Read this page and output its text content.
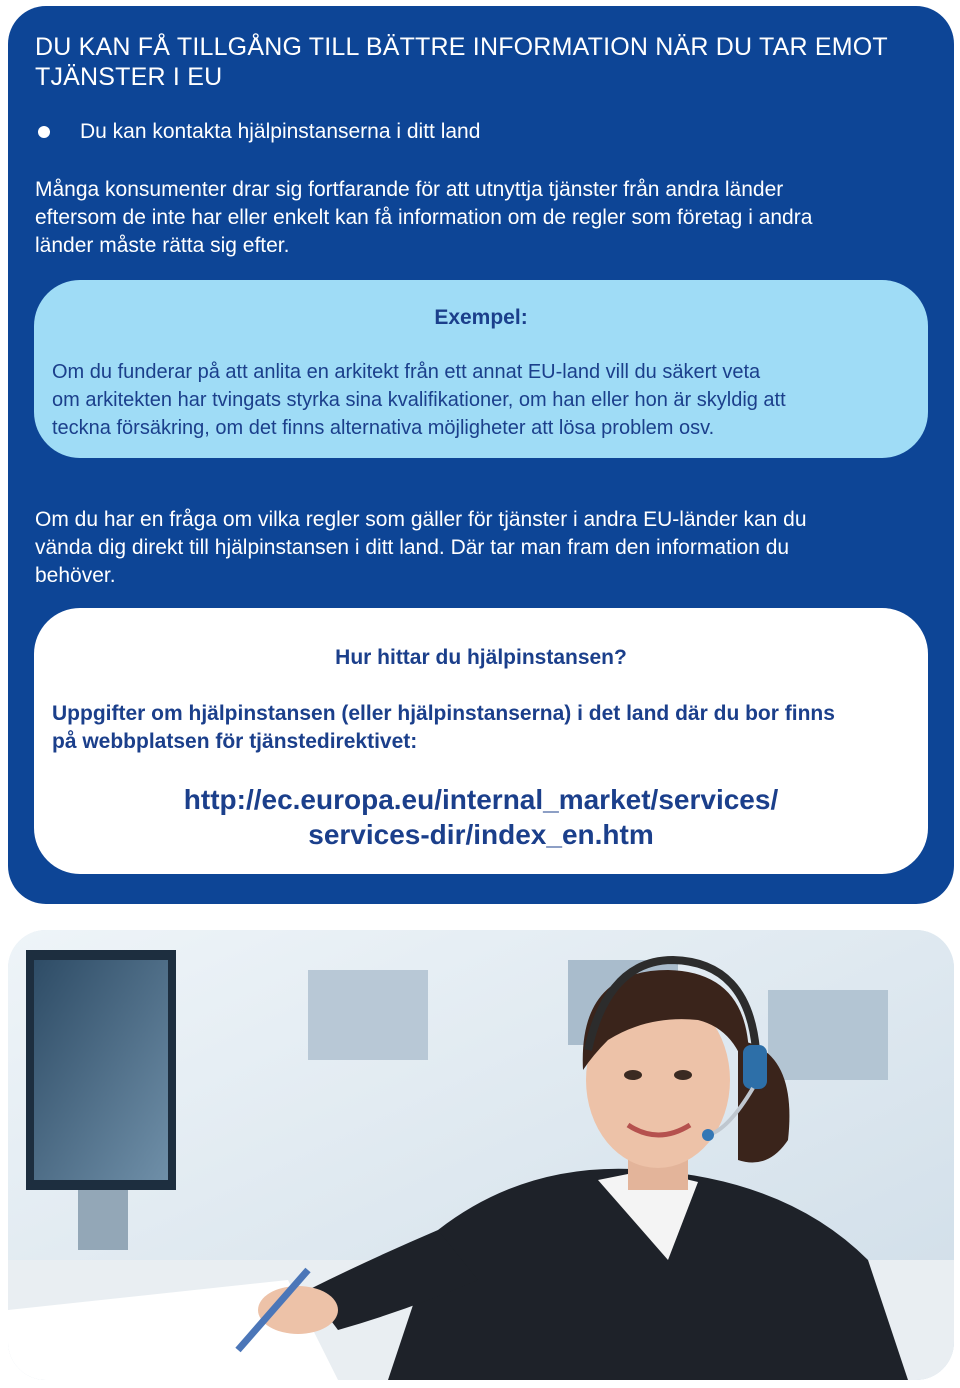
DU KAN FÅ TILLGÅNG TILL BÄTTRE INFORMATION NÄR DU TAR EMOT
TJÄNSTER I EU
Du kan kontakta hjälpinstanserna i ditt land

Många konsumenter drar sig fortfarande för att utnyttja tjänster från andra länder
eftersom de inte har eller enkelt kan få information om de regler som företag i andra
länder måste rätta sig efter.

Exempel:

Om du funderar på att anlita en arkitekt från ett annat EU-land vill du säkert veta
om arkitekten har tvingats styrka sina kvalifikationer, om han eller hon är skyldig att
teckna försäkring, om det finns alternativa möjligheter att lösa problem osv.

Om du har en fråga om vilka regler som gäller för tjänster i andra EU-länder kan du
vända dig direkt till hjälpinstansen i ditt land. Där tar man fram den information du
behöver.

Hur hittar du hjälpinstansen?

Uppgifter om hjälpinstansen (eller hjälpinstanserna) i det land där du bor finns
på webbplatsen för tjänstedirektivet:

http://ec.europa.eu/internal_market/services/
services-dir/index_en.htm
